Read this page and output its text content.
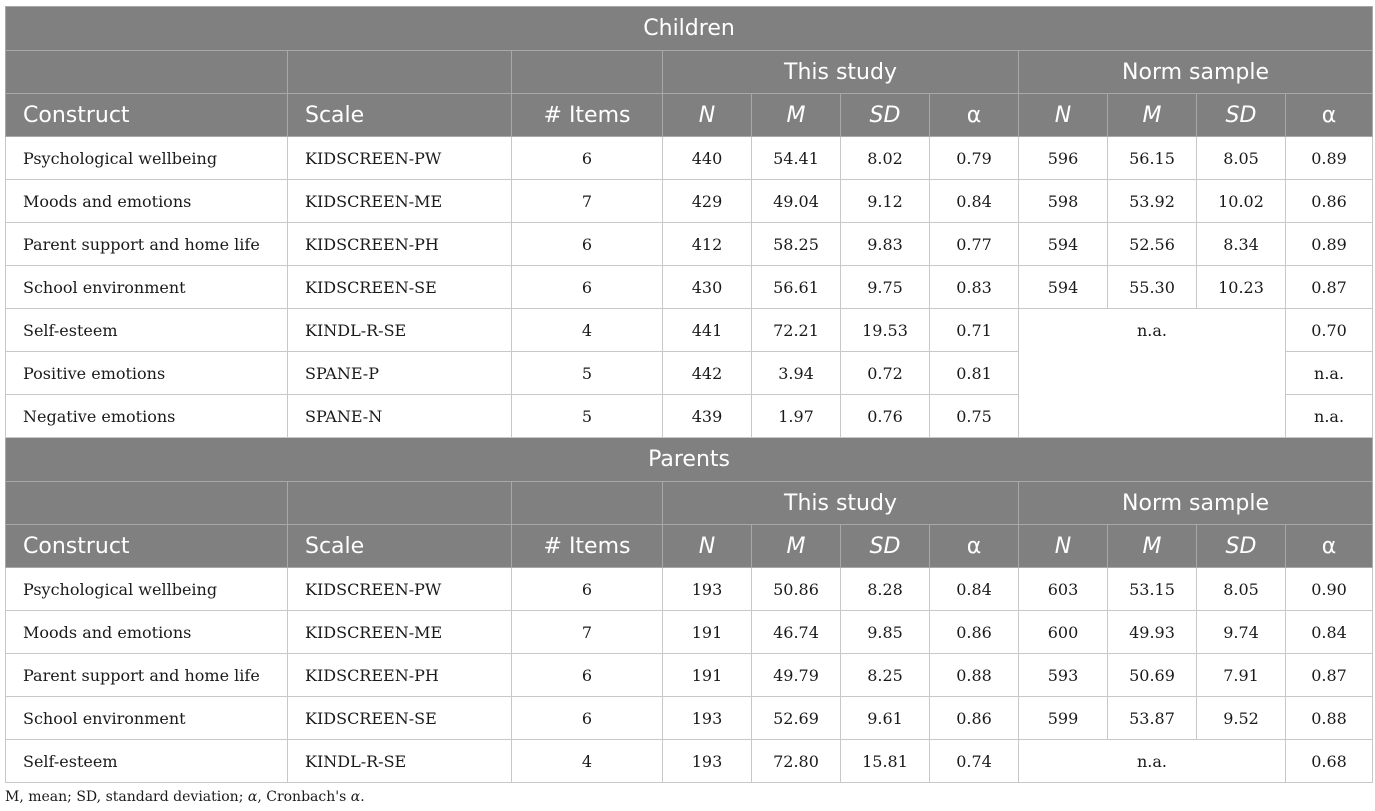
Children										
			This study				Norm sample			
Construct	Scale	# Items	N	M	SD	α	N	M	SD	α
Psychological wellbeing	KIDSCREEN-PW	6	440	54.41	8.02	0.79	596	56.15	8.05	0.89
Moods and emotions	KIDSCREEN-ME	7	429	49.04	9.12	0.84	598	53.92	10.02	0.86
Parent support and home life	KIDSCREEN-PH	6	412	58.25	9.83	0.77	594	52.56	8.34	0.89
School environment	KIDSCREEN-SE	6	430	56.61	9.75	0.83	594	55.30	10.23	0.87
Self-esteem	KINDL-R-SE	4	441	72.21	19.53	0.71	n.a.			0.70
Positive emotions	SPANE-P	5	442	3.94	0.72	0.81				n.a.
Negative emotions	SPANE-N	5	439	1.97	0.76	0.75				n.a.
Parents										
			This study				Norm sample			
Construct	Scale	# Items	N	M	SD	α	N	M	SD	α
Psychological wellbeing	KIDSCREEN-PW	6	193	50.86	8.28	0.84	603	53.15	8.05	0.90
Moods and emotions	KIDSCREEN-ME	7	191	46.74	9.85	0.86	600	49.93	9.74	0.84
Parent support and home life	KIDSCREEN-PH	6	191	49.79	8.25	0.88	593	50.69	7.91	0.87
School environment	KIDSCREEN-SE	6	193	52.69	9.61	0.86	599	53.87	9.52	0.88
Self-esteem	KINDL-R-SE	4	193	72.80	15.81	0.74	n.a.			0.68
M, mean; SD, standard deviation; α, Cronbach's α.
